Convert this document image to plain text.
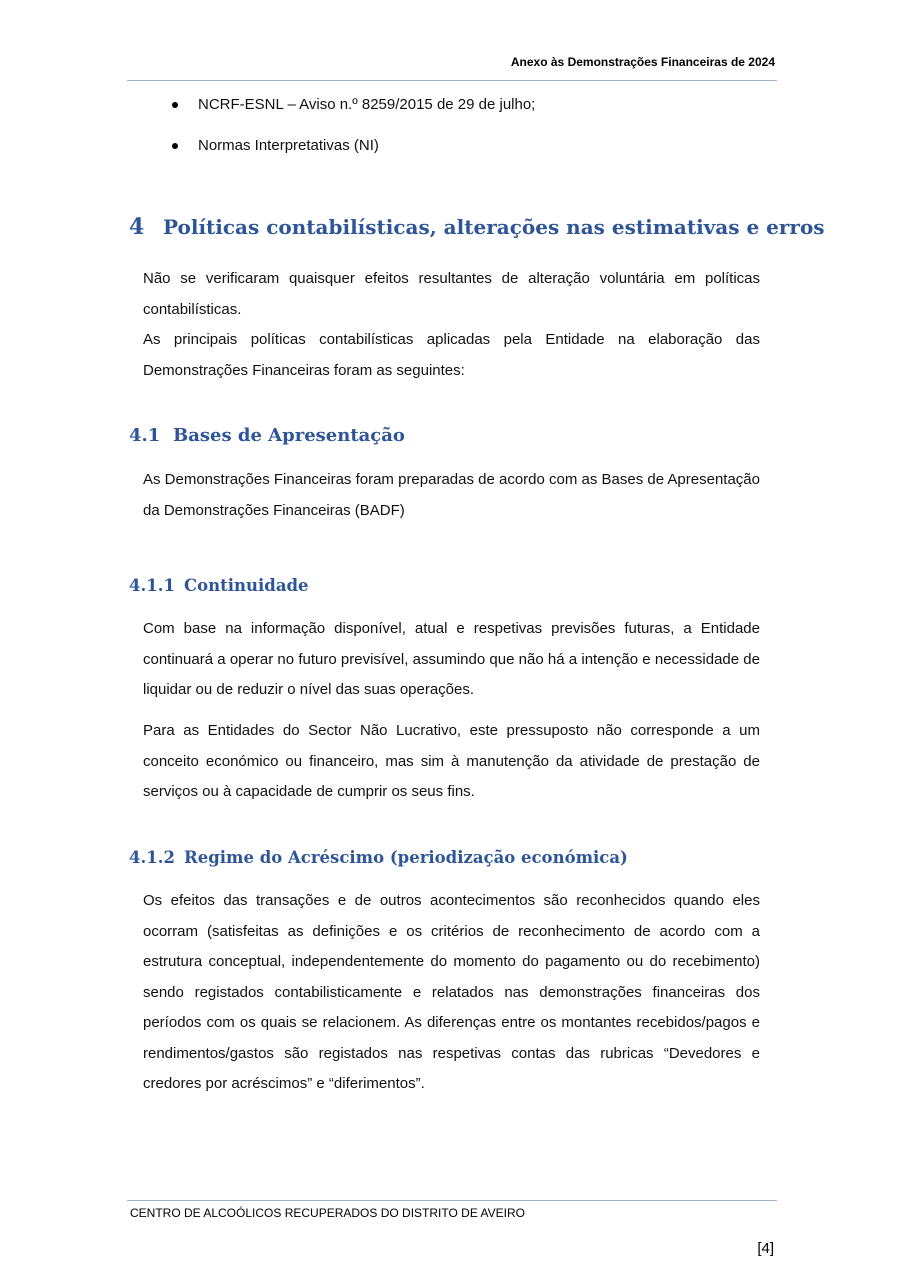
Anexo às Demonstrações Financeiras de 2024
NCRF-ESNL – Aviso n.º 8259/2015 de 29 de julho;
Normas Interpretativas (NI)
4 Políticas contabilísticas, alterações nas estimativas e erros

Não se verificaram quaisquer efeitos resultantes de alteração voluntária em políticas contabilísticas.

As principais políticas contabilísticas aplicadas pela Entidade na elaboração das Demonstrações Financeiras foram as seguintes:

4.1 Bases de Apresentação

As Demonstrações Financeiras foram preparadas de acordo com as Bases de Apresentação da Demonstrações Financeiras (BADF)

4.1.1 Continuidade

Com base na informação disponível, atual e respetivas previsões futuras, a Entidade continuará a operar no futuro previsível, assumindo que não há a intenção e necessidade de liquidar ou de reduzir o nível das suas operações.

Para as Entidades do Sector Não Lucrativo, este pressuposto não corresponde a um conceito económico ou financeiro, mas sim à manutenção da atividade de prestação de serviços ou à capacidade de cumprir os seus fins.

4.1.2 Regime do Acréscimo (periodização económica)

Os efeitos das transações e de outros acontecimentos são reconhecidos quando eles ocorram (satisfeitas as definições e os critérios de reconhecimento de acordo com a estrutura conceptual, independentemente do momento do pagamento ou do recebimento) sendo registados contabilisticamente e relatados nas demonstrações financeiras dos períodos com os quais se relacionem. As diferenças entre os montantes recebidos/pagos e rendimentos/gastos são registados nas respetivas contas das rubricas “Devedores e credores por acréscimos” e “diferimentos”.

CENTRO DE ALCOÓLICOS RECUPERADOS DO DISTRITO DE AVEIRO
[4]
